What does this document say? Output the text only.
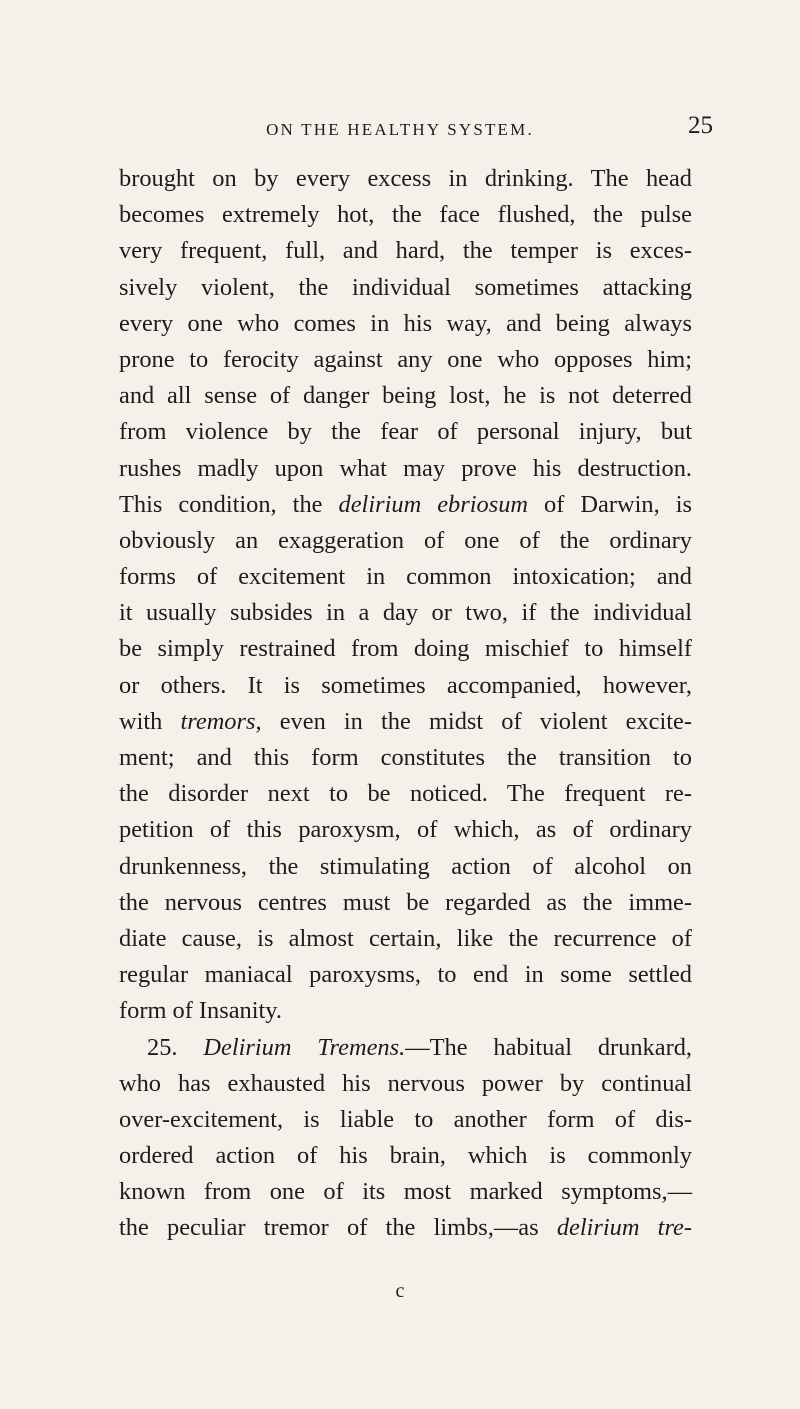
ON THE HEALTHY SYSTEM.	25
brought on by every excess in drinking. The head
becomes extremely hot, the face flushed, the pulse
very frequent, full, and hard, the temper is exces-
sively violent, the individual sometimes attacking
every one who comes in his way, and being always
prone to ferocity against any one who opposes him;
and all sense of danger being lost, he is not deterred
from violence by the fear of personal injury, but
rushes madly upon what may prove his destruction.
This condition, the delirium ebriosum of Darwin, is
obviously an exaggeration of one of the ordinary
forms of excitement in common intoxication; and
it usually subsides in a day or two, if the individual
be simply restrained from doing mischief to himself
or others. It is sometimes accompanied, however,
with tremors, even in the midst of violent excite-
ment; and this form constitutes the transition to
the disorder next to be noticed. The frequent re-
petition of this paroxysm, of which, as of ordinary
drunkenness, the stimulating action of alcohol on
the nervous centres must be regarded as the imme-
diate cause, is almost certain, like the recurrence of
regular maniacal paroxysms, to end in some settled
form of Insanity.
25. Delirium Tremens.—The habitual drunkard,
who has exhausted his nervous power by continual
over-excitement, is liable to another form of dis-
ordered action of his brain, which is commonly
known from one of its most marked symptoms,—
the peculiar tremor of the limbs,—as delirium tre-
c
